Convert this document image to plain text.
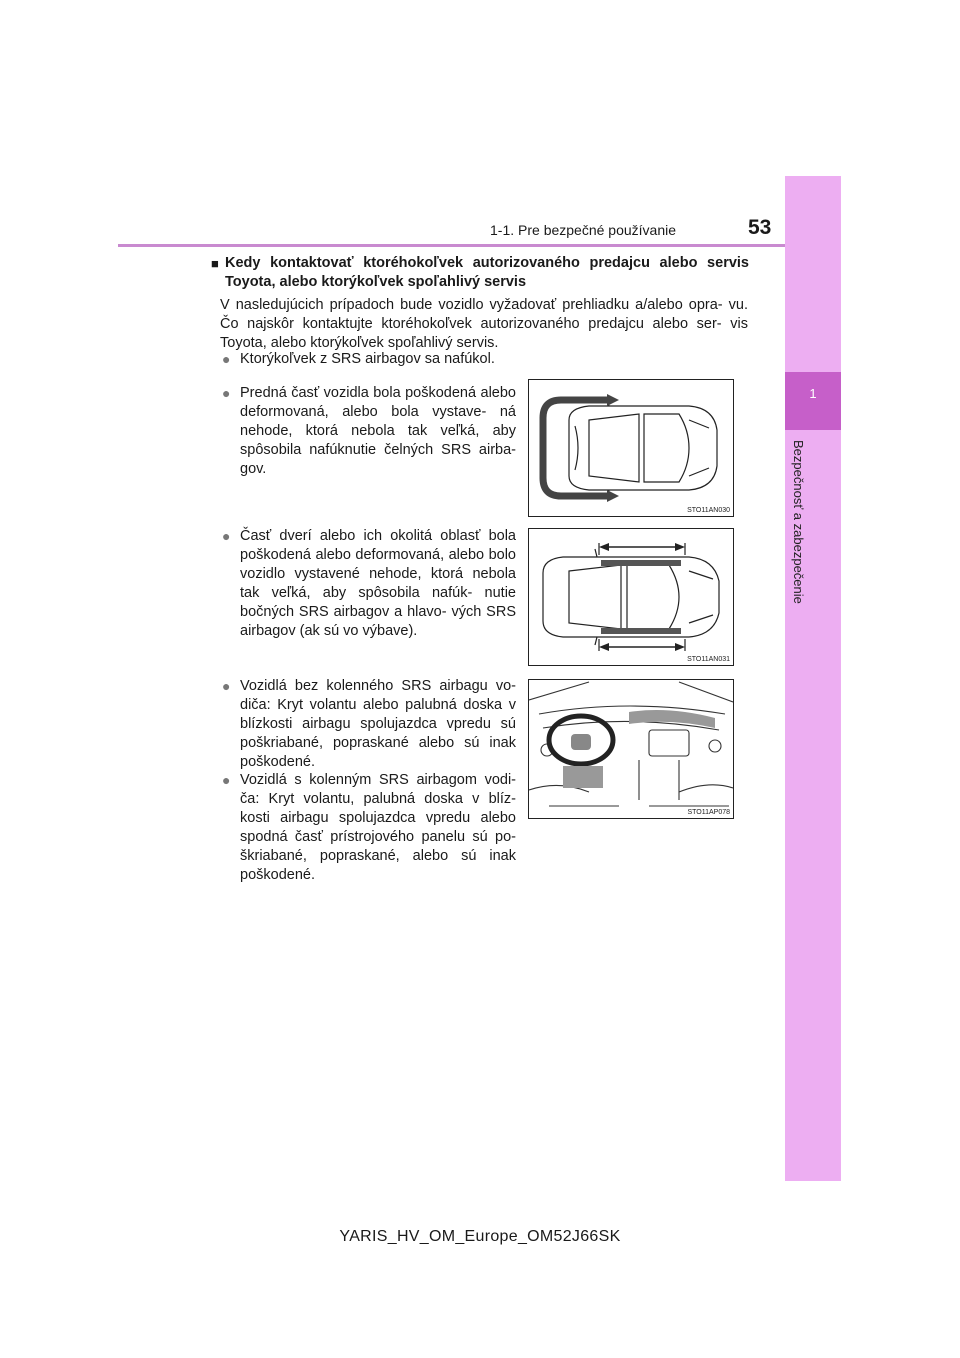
1
Bezpečnosť a zabezpečenie
1-1. Pre bezpečné používanie	53
■ Kedy kontaktovať ktoréhokoľvek autorizovaného predajcu alebo servis Toyota, alebo ktorýkoľvek spoľahlivý servis
V nasledujúcich prípadoch bude vozidlo vyžadovať prehliadku a/alebo opra- vu. Čo najskôr kontaktujte ktoréhokoľvek autorizovaného predajcu alebo ser- vis Toyota, alebo ktorýkoľvek spoľahlivý servis.
● Ktorýkoľvek z SRS airbagov sa nafúkol.
● Predná časť vozidla bola poškodená alebo deformovaná, alebo bola vystave- ná nehode, ktorá nebola tak veľká, aby spôsobila nafúknutie čelných SRS airba- gov.
STO11AN030
● Časť dverí alebo ich okolitá oblasť bola poškodená alebo deformovaná, alebo bolo vozidlo vystavené nehode, ktorá nebola tak veľká, aby spôsobila nafúk- nutie bočných SRS airbagov a hlavo- vých SRS airbagov (ak sú vo výbave).
STO11AN031
● Vozidlá bez kolenného SRS airbagu vo- diča: Kryt volantu alebo palubná doska v blízkosti airbagu spolujazdca vpredu sú poškriabané, popraskané alebo sú inak poškodené.
STO11AP078
● Vozidlá s kolenným SRS airbagom vodi- ča: Kryt volantu, palubná doska v blíz- kosti airbagu spolujazdca vpredu alebo spodná časť prístrojového panelu sú po- škriabané, popraskané, alebo sú inak poškodené.
YARIS_HV_OM_Europe_OM52J66SK
